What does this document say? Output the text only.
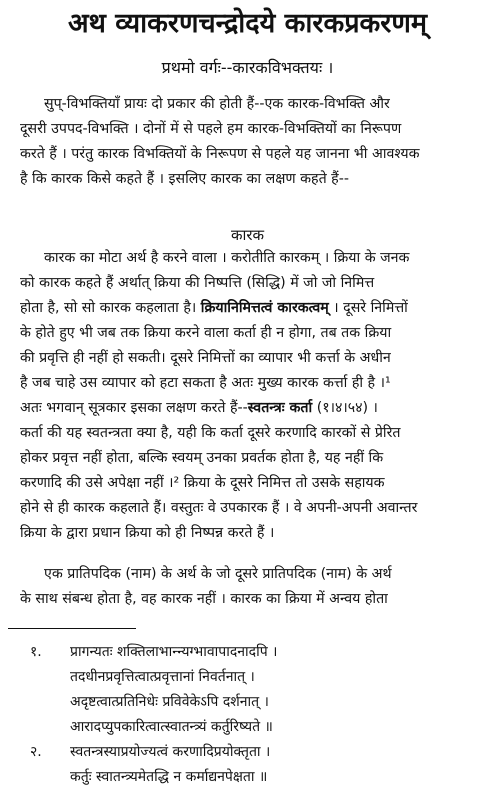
अथ व्याकरणचन्द्रोदये कारकप्रकरणम्
प्रथमो वर्गः--कारकविभक्तयः ।

सुप्-विभक्तियाँ प्रायः दो प्रकार की होती हैं--एक कारक-विभक्ति और
दूसरी उपपद-विभक्ति । दोनों में से पहले हम कारक-विभक्तियों का निरूपण
करते हैं । परंतु कारक विभक्तियों के निरूपण से पहले यह जानना भी आवश्यक
है कि कारक किसे कहते हैं । इसलिए कारक का लक्षण कहते हैं--

कारक

कारक का मोटा अर्थ है करने वाला । करोतीति कारकम् । क्रिया के जनक
को कारक कहते हैं अर्थात् क्रिया की निष्पत्ति (सिद्धि) में जो जो निमित्त
होता है, सो सो कारक कहलाता है। क्रियानिमित्तत्वं कारकत्वम् । दूसरे निमित्तों
के होते हुए भी जब तक क्रिया करने वाला कर्ता ही न होगा, तब तक क्रिया
की प्रवृत्ति ही नहीं हो सकती। दूसरे निमित्तों का व्यापार भी कर्त्ता के अधीन
है जब चाहे उस व्यापार को हटा सकता है अतः मुख्य कारक कर्त्ता ही है ।¹
अतः भगवान् सूत्रकार इसका लक्षण करते हैं--स्वतन्त्रः कर्ता (१।४।५४) ।
कर्ता की यह स्वतन्त्रता क्या है, यही कि कर्ता दूसरे करणादि कारकों से प्रेरित
होकर प्रवृत्त नहीं होता, बल्कि स्वयम् उनका प्रवर्तक होता है, यह नहीं कि
करणादि की उसे अपेक्षा नहीं ।² क्रिया के दूसरे निमित्त तो उसके सहायक
होने से ही कारक कहलाते हैं। वस्तुतः वे उपकारक हैं । वे अपनी-अपनी अवान्तर
क्रिया के द्वारा प्रधान क्रिया को ही निष्पन्न करते हैं ।

एक प्रातिपदिक (नाम) के अर्थ के जो दूसरे प्रातिपदिक (नाम) के अर्थ
के साथ संबन्ध होता है, वह कारक नहीं । कारक का क्रिया में अन्वय होता

१. प्रागन्यतः शक्तिलाभान्न्यग्भावापादनादपि ।
तदधीनप्रवृत्तित्वात्प्रवृत्तानां निवर्तनात् ।
अदृष्टत्वात्प्रतिनिधेः प्रविवेकेऽपि दर्शनात् ।
आरादप्युपकारित्वात्स्वातन्त्र्यं कर्तुरिष्यते ॥
२. स्वतन्त्रस्याप्रयोज्यत्वं करणादिप्रयोक्तृता ।
कर्तुः स्वातन्त्र्यमेतद्धि न कर्माद्यनपेक्षता ॥
